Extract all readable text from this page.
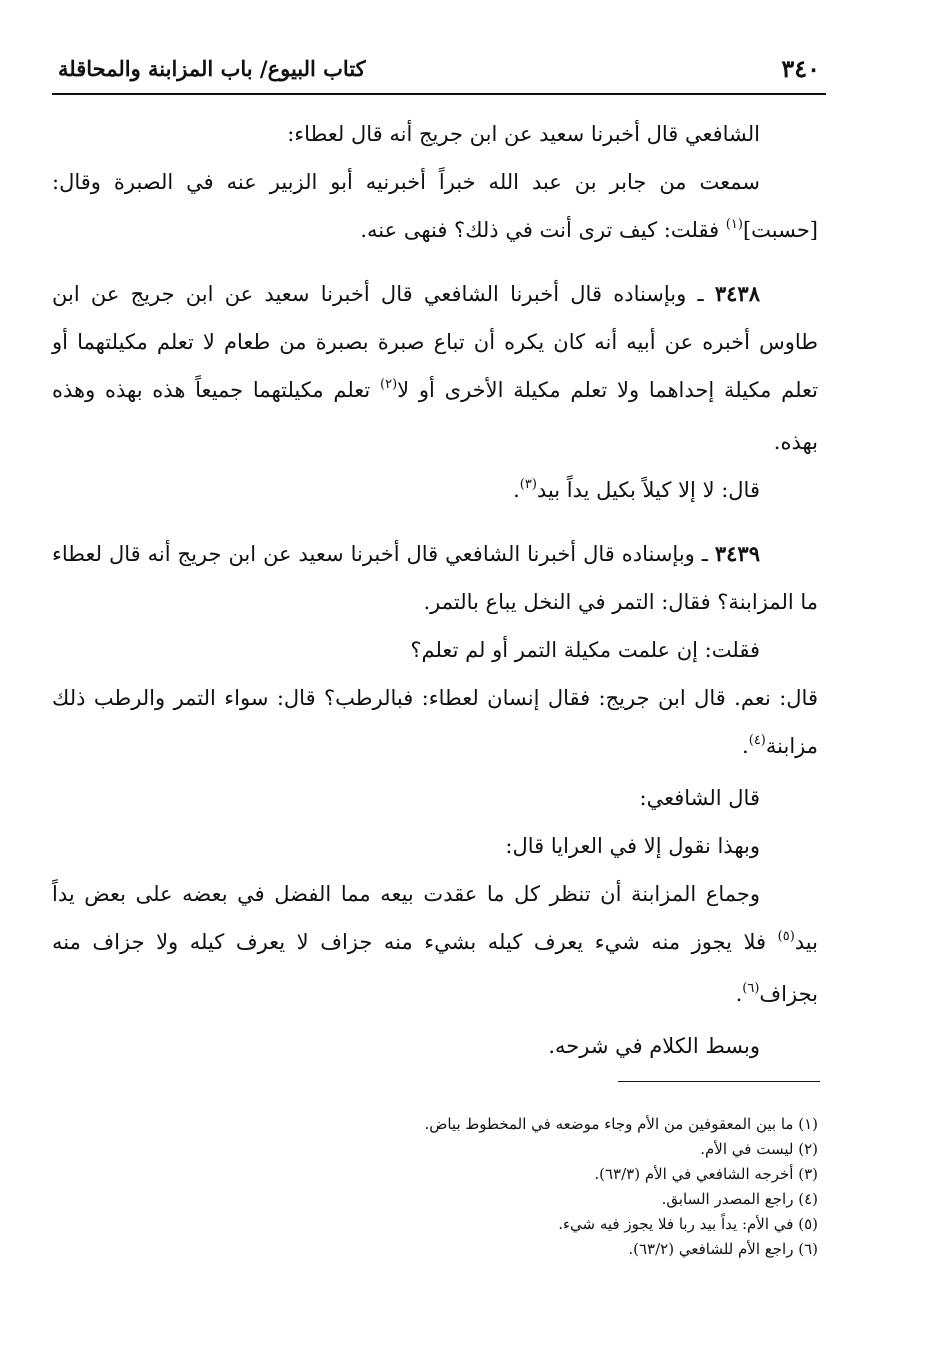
٣٤٠
كتاب البيوع/ باب المزابنة والمحاقلة

الشافعي قال أخبرنا سعيد عن ابن جريج أنه قال لعطاء:

سمعت من جابر بن عبد الله خبراً أخبرنيه أبو الزبير عنه في الصبرة وقال: [حسبت]$^{(١)}$ فقلت: كيف ترى أنت في ذلك؟ فنهى عنه.

٣٤٣٨ ـ وبإسناده قال أخبرنا الشافعي قال أخبرنا سعيد عن ابن جريج عن ابن طاوس أخبره عن أبيه أنه كان يكره أن تباع صبرة بصبرة من طعام لا تعلم مكيلتهما أو تعلم مكيلة إحداهما ولا تعلم مكيلة الأخرى أو لا$^{(٢)}$ تعلم مكيلتهما جميعاً هذه بهذه وهذه بهذه.

قال: لا إلا كيلاً بكيل يداً بيد$^{(٣)}$.

٣٤٣٩ ـ وبإسناده قال أخبرنا الشافعي قال أخبرنا سعيد عن ابن جريج أنه قال لعطاء ما المزابنة؟ فقال: التمر في النخل يباع بالتمر.

فقلت: إن علمت مكيلة التمر أو لم تعلم؟

قال: نعم. قال ابن جريج: فقال إنسان لعطاء: فبالرطب؟ قال: سواء التمر والرطب ذلك مزابنة$^{(٤)}$.

قال الشافعي:

وبهذا نقول إلا في العرايا قال:

وجماع المزابنة أن تنظر كل ما عقدت بيعه مما الفضل في بعضه على بعض يداً بيد$^{(٥)}$ فلا يجوز منه شيء يعرف كيله بشيء منه جزاف لا يعرف كيله ولا جزاف منه بجزاف$^{(٦)}$.

وبسط الكلام في شرحه.

(١) ما بين المعقوفين من الأم وجاء موضعه في المخطوط بياض.

(٢) ليست في الأم.

(٣) أخرجه الشافعي في الأم (٦٣/٣).

(٤) راجع المصدر السابق.

(٥) في الأم: يداً بيد ربا فلا يجوز فيه شيء.

(٦) راجع الأم للشافعي (٦٣/٢).
